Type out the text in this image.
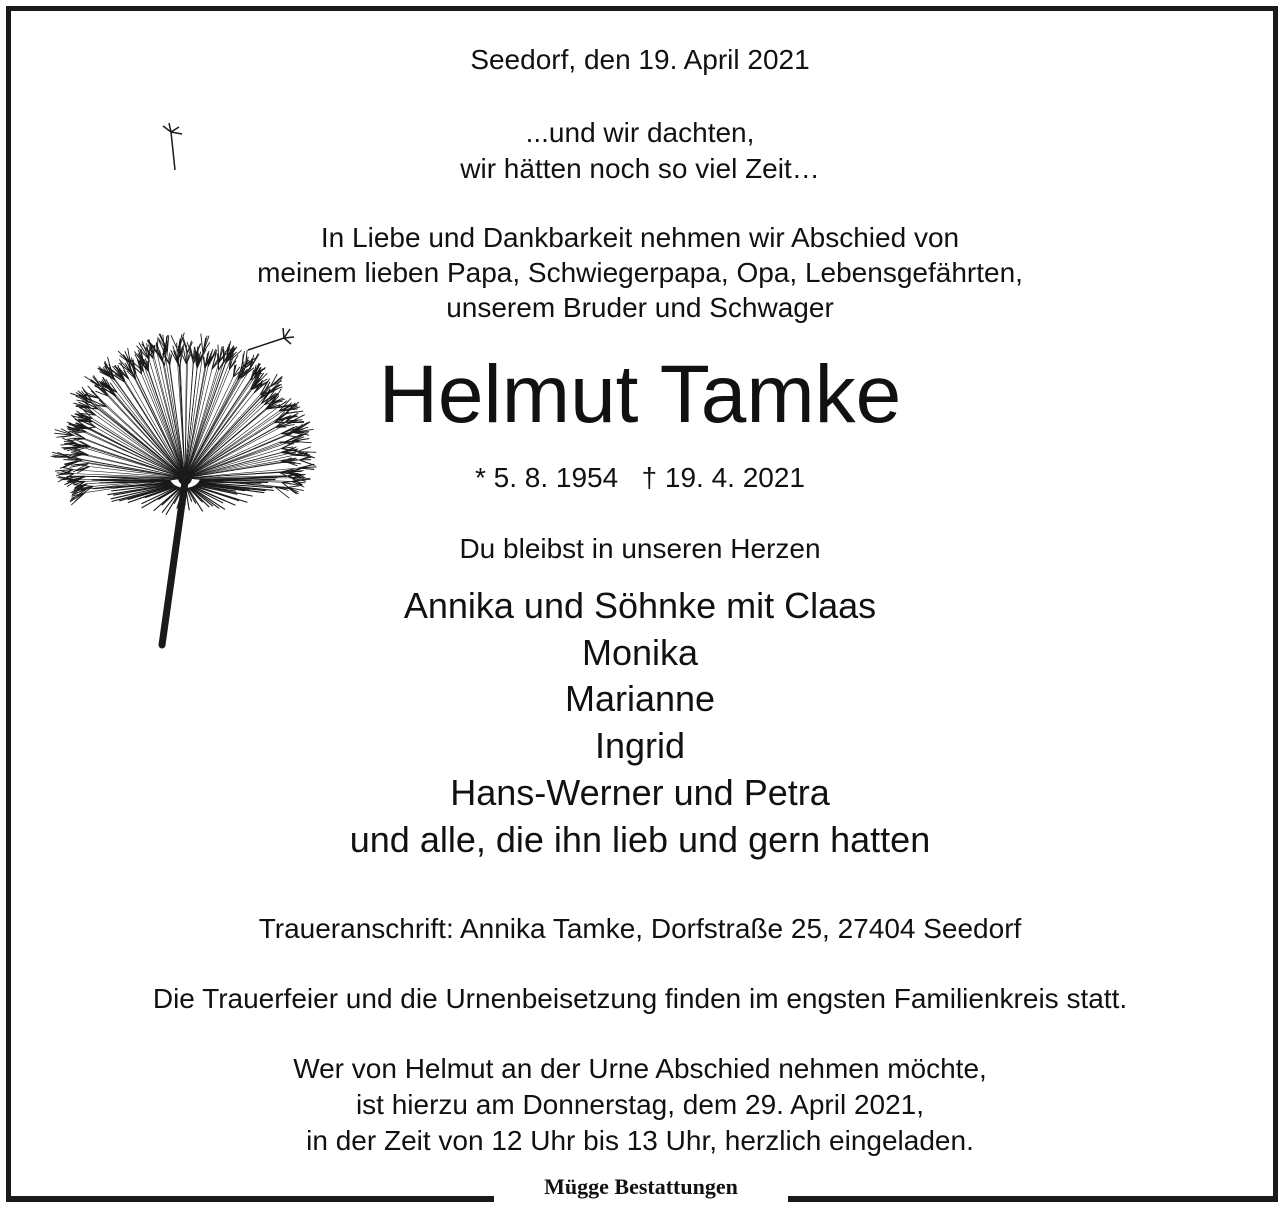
Seedorf, den 19. April 2021
...und wir dachten,
wir hätten noch so viel Zeit…
In Liebe und Dankbarkeit nehmen wir Abschied von
meinem lieben Papa, Schwiegerpapa, Opa, Lebensgefährten,
unserem Bruder und Schwager
Helmut Tamke
* 5. 8. 1954   † 19. 4. 2021
Du bleibst in unseren Herzen
Annika und Söhnke mit Claas
Monika
Marianne
Ingrid
Hans-Werner und Petra
und alle, die ihn lieb und gern hatten
Traueranschrift: Annika Tamke, Dorfstraße 25, 27404 Seedorf
Die Trauerfeier und die Urnenbeisetzung finden im engsten Familienkreis statt.
Wer von Helmut an der Urne Abschied nehmen möchte,
ist hierzu am Donnerstag, dem 29. April 2021,
in der Zeit von 12 Uhr bis 13 Uhr, herzlich eingeladen.
Mügge Bestattungen
